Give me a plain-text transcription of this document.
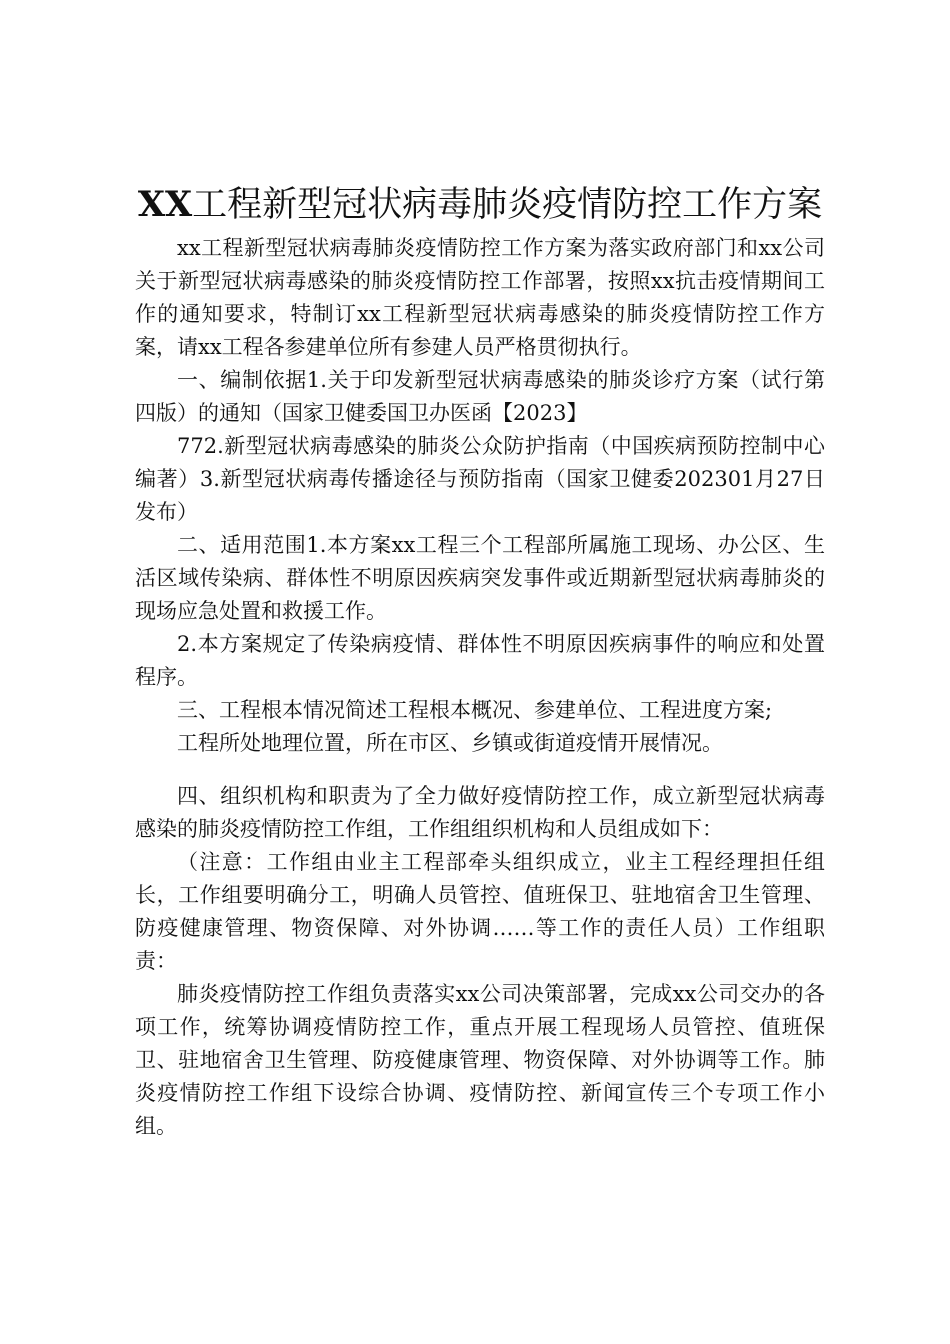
XX工程新型冠状病毒肺炎疫情防控工作方案

xx工程新型冠状病毒肺炎疫情防控工作方案为落实政府部门和xx公司关于新型冠状病毒感染的肺炎疫情防控工作部署，按照xx抗击疫情期间工作的通知要求，特制订xx工程新型冠状病毒感染的肺炎疫情防控工作方案，请xx工程各参建单位所有参建人员严格贯彻执行。

一、编制依据1.关于印发新型冠状病毒感染的肺炎诊疗方案（试行第四版）的通知（国家卫健委国卫办医函【2023】

772.新型冠状病毒感染的肺炎公众防护指南（中国疾病预防控制中心编著）3.新型冠状病毒传播途径与预防指南（国家卫健委202301月27日发布）

二、适用范围1.本方案xx工程三个工程部所属施工现场、办公区、生活区域传染病、群体性不明原因疾病突发事件或近期新型冠状病毒肺炎的现场应急处置和救援工作。

2.本方案规定了传染病疫情、群体性不明原因疾病事件的响应和处置程序。

三、工程根本情况简述工程根本概况、参建单位、工程进度方案;

工程所处地理位置，所在市区、乡镇或街道疫情开展情况。

四、组织机构和职责为了全力做好疫情防控工作，成立新型冠状病毒感染的肺炎疫情防控工作组，工作组组织机构和人员组成如下：

（注意：工作组由业主工程部牵头组织成立，业主工程经理担任组长，工作组要明确分工，明确人员管控、值班保卫、驻地宿舍卫生管理、防疫健康管理、物资保障、对外协调……等工作的责任人员）工作组职责：

肺炎疫情防控工作组负责落实xx公司决策部署，完成xx公司交办的各项工作，统筹协调疫情防控工作，重点开展工程现场人员管控、值班保卫、驻地宿舍卫生管理、防疫健康管理、物资保障、对外协调等工作。肺炎疫情防控工作组下设综合协调、疫情防控、新闻宣传三个专项工作小组。
